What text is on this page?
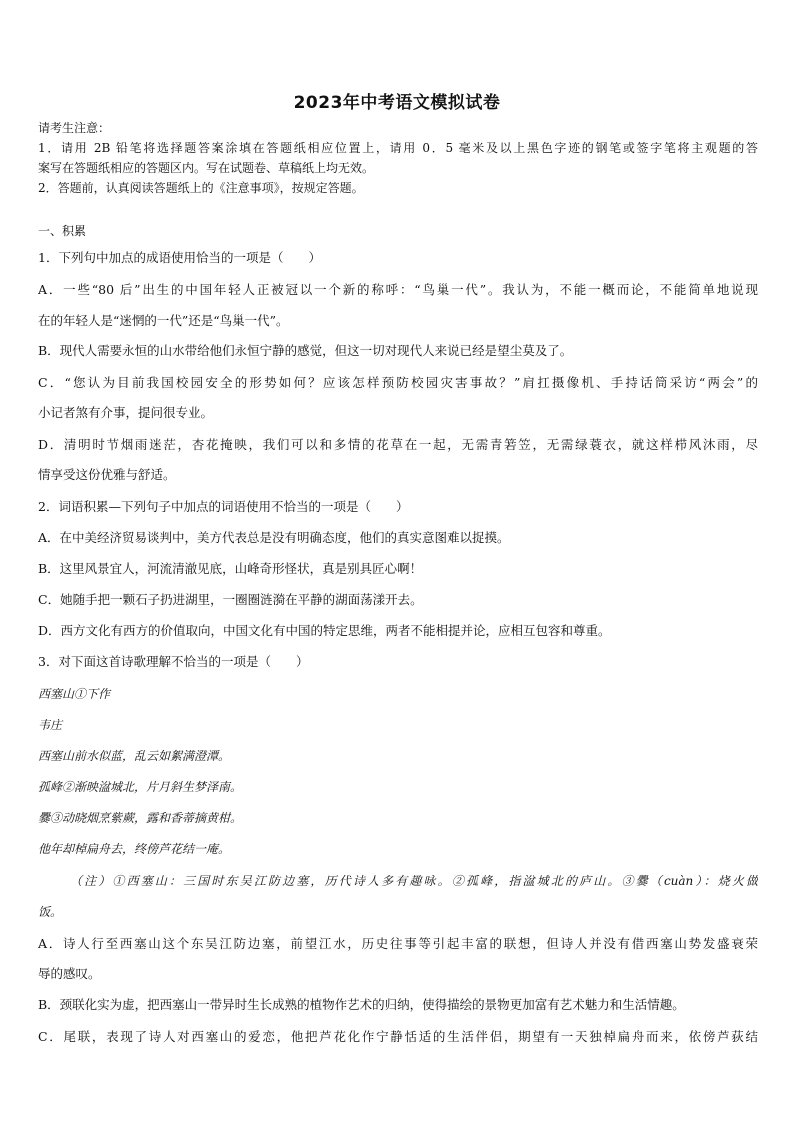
2023年中考语文模拟试卷
请考生注意：
1．请用 2B 铅笔将选择题答案涂填在答题纸相应位置上，请用 0．5 毫米及以上黑色字迹的钢笔或签字笔将主观题的答
案写在答题纸相应的答题区内。写在试题卷、草稿纸上均无效。
2．答题前，认真阅读答题纸上的《注意事项》，按规定答题。
一、积累
1．下列句中加点的成语使用恰当的一项是（　　）
A．一些“80 后”出生的中国年轻人正被冠以一个新的称呼：“鸟巢一代”。我认为，不能一概而论，不能简单地说现
在的年轻人是“迷惘的一代”还是“鸟巢一代”。
B．现代人需要永恒的山水带给他们永恒宁静的感觉，但这一切对现代人来说已经是望尘莫及了。
C．“您认为目前我国校园安全的形势如何？应该怎样预防校园灾害事故？”肩扛摄像机、手持话筒采访“两会”的
小记者煞有介事，提问很专业。
D．清明时节烟雨迷茫，杏花掩映，我们可以和多情的花草在一起，无需青箬笠，无需绿蓑衣，就这样栉风沐雨，尽
情享受这份优雅与舒适。
2．词语积累—下列句子中加点的词语使用不恰当的一项是（　　）
A．在中美经济贸易谈判中，美方代表总是没有明确态度，他们的真实意图难以捉摸。
B．这里风景宜人，河流清澈见底，山峰奇形怪状，真是别具匠心啊！
C．她随手把一颗石子扔进湖里，一圈圈涟漪在平静的湖面荡漾开去。
D．西方文化有西方的价值取向，中国文化有中国的特定思维，两者不能相提并论，应相互包容和尊重。
3．对下面这首诗歌理解不恰当的一项是（　　）
西塞山①下作
韦庄
西塞山前水似蓝，乱云如絮满澄潭。
孤峰②渐映湓城北，片月斜生梦泽南。
爨③动晓烟烹紫蕨，露和香蒂摘黄柑。
他年却棹扁舟去，终傍芦花结一庵。
（注）①西塞山：三国时东吴江防边塞，历代诗人多有趣咏。②孤峰，指湓城北的庐山。③爨（cuàn）：烧火做
饭。
A．诗人行至西塞山这个东吴江防边塞，前望江水，历史往事等引起丰富的联想，但诗人并没有借西塞山势发盛衰荣
辱的感叹。
B．颈联化实为虚，把西塞山一带异时生长成熟的植物作艺术的归纳，使得描绘的景物更加富有艺术魅力和生活情趣。
C．尾联，表现了诗人对西塞山的爱恋，他把芦花化作宁静恬适的生活伴侣，期望有一天独棹扁舟而来，依傍芦荻结
